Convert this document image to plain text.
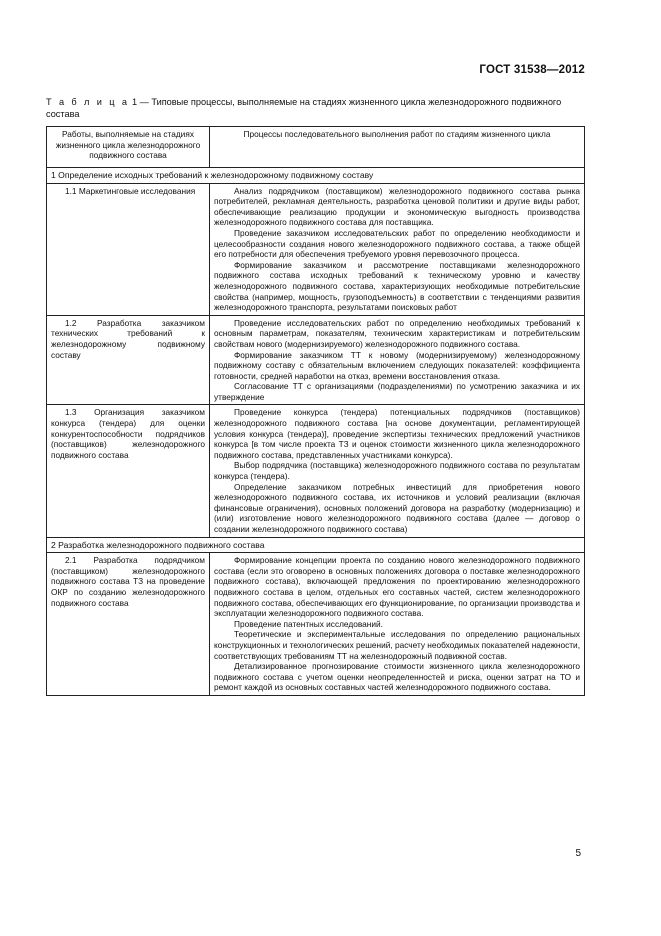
ГОСТ 31538—2012
Т а б л и ц а 1 — Типовые процессы, выполняемые на стадиях жизненного цикла железнодорожного подвижного состава
Работы, выполняемые на стадиях жизненного цикла железнодорожного подвижного состава	Процессы последовательного выполнения работ по стадиям жизненного цикла
1 Определение исходных требований к железнодорожному подвижному составу	

1.1 Маркетинговые исследования	Анализ подрядчиком (поставщиком) железнодорожного подвижного состава рынка потребителей, рекламная деятельность, разработка ценовой политики и другие виды работ, обеспечивающие реализацию продукции и экономическую выгодность производства железнодорожного подвижного состава для поставщика.

Проведение заказчиком исследовательских работ по определению необходимости и целесообразности создания нового железнодорожного подвижного состава, а также общей его потребности для обеспечения требуемого уровня перевозочного процесса.

Формирование заказчиком и рассмотрение поставщиками железнодорожного подвижного состава исходных требований к техническому уровню и качеству железнодорожного подвижного состава, характеризующих необходимые потребительские свойства (например, мощность, грузоподъемность) в соответствии с тенденциями развития железнодорожного транспорта, результатами поисковых работ

1.2 Разработка заказчиком технических требований к железнодорожному подвижному составу	Проведение исследовательских работ по определению необходимых требований к основным параметрам, показателям, техническим характеристикам и потребительским свойствам нового (модернизируемого) железнодорожного подвижного состава.

Формирование заказчиком ТТ к новому (модернизируемому) железнодорожному подвижному составу с обязательным включением следующих показателей: коэффициента готовности, средней наработки на отказ, времени восстановления отказа.

Согласование ТТ с организациями (подразделениями) по усмотрению заказчика и их утверждение

1.3 Организация заказчиком конкурса (тендера) для оценки конкурентоспособности подрядчиков (поставщиков) железнодорожного подвижного состава	Проведение конкурса (тендера) потенциальных подрядчиков (поставщиков) железнодорожного подвижного состава [на основе документации, регламентирующей условия конкурса (тендера)], проведение экспертизы технических предложений участников конкурса [в том числе проекта ТЗ и оценок стоимости жизненного цикла железнодорожного подвижного состава, представленных участниками конкурса).

Выбор подрядчика (поставщика) железнодорожного подвижного состава по результатам конкурса (тендера).

Определение заказчиком потребных инвестиций для приобретения нового железнодорожного подвижного состава, их источников и условий реализации (включая финансовые ограничения), основных положений договора на разработку (модернизацию) и (или) изготовление нового железнодорожного подвижного состава (далее — договор о создании железнодорожного подвижного состава)

2 Разработка железнодорожного подвижного состава	

2.1 Разработка подрядчиком (поставщиком) железнодорожного подвижного состава ТЗ на проведение ОКР по созданию железнодорожного подвижного состава	Формирование концепции проекта по созданию нового железнодорожного подвижного состава (если это оговорено в основных положениях договора о поставке железнодорожного подвижного состава), включающей предложения по проектированию железнодорожного подвижного состава в целом, отдельных его составных частей, систем железнодорожного подвижного состава, обеспечивающих его функционирование, по организации производства и эксплуатации железнодорожного подвижного состава.

Проведение патентных исследований.

Теоретические и экспериментальные исследования по определению рациональных конструкционных и технологических решений, расчету необходимых показателей надежности, соответствующих требованиям ТТ на железнодорожный подвижной состав.

Детализированное прогнозирование стоимости жизненного цикла железнодорожного подвижного состава с учетом оценки неопределенностей и риска, оценки затрат на ТО и ремонт каждой из основных составных частей железнодорожного подвижного состава.

5
